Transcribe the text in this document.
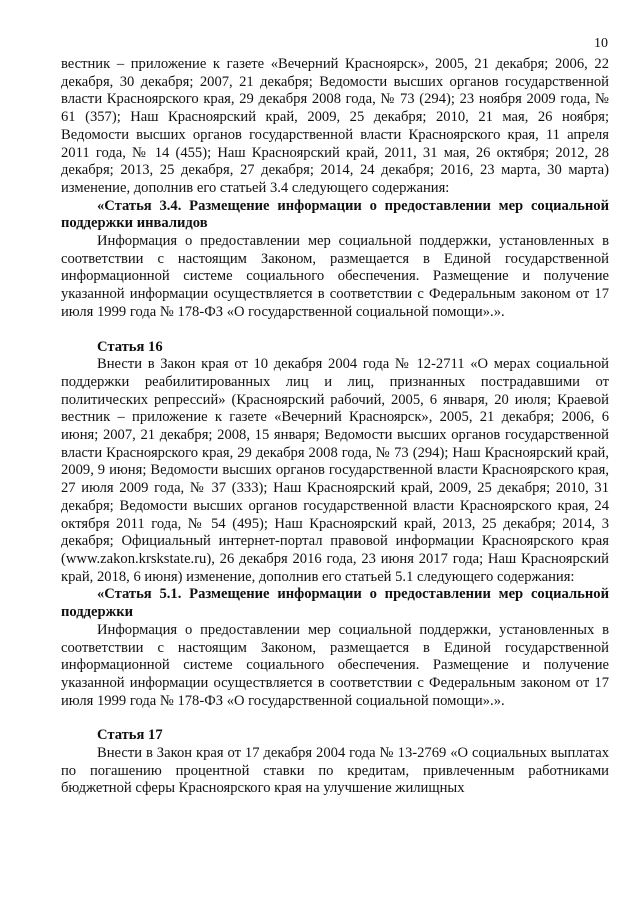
10

вестник – приложение к газете «Вечерний Красноярск», 2005, 21 декабря; 2006, 22 декабря, 30 декабря; 2007, 21 декабря; Ведомости высших органов государственной власти Красноярского края, 29 декабря 2008 года, № 73 (294); 23 ноября 2009 года, № 61 (357); Наш Красноярский край, 2009, 25 декабря; 2010, 21 мая, 26 ноября; Ведомости высших органов государственной власти Красноярского края, 11 апреля 2011 года, № 14 (455); Наш Красноярский край, 2011, 31 мая, 26 октября; 2012, 28 декабря; 2013, 25 декабря, 27 декабря; 2014, 24 декабря; 2016, 23 марта, 30 марта) изменение, дополнив его статьей 3.4 следующего содержания:

«Статья 3.4. Размещение информации о предоставлении мер социальной поддержки инвалидов

Информация о предоставлении мер социальной поддержки, установленных в соответствии с настоящим Законом, размещается в Единой государственной информационной системе социального обеспечения. Размещение и получение указанной информации осуществляется в соответствии с Федеральным законом от 17 июля 1999 года № 178-ФЗ «О государственной социальной помощи».».

Статья 16

Внести в Закон края от 10 декабря 2004 года № 12-2711 «О мерах социальной поддержки реабилитированных лиц и лиц, признанных пострадавшими от политических репрессий» (Красноярский рабочий, 2005, 6 января, 20 июля; Краевой вестник – приложение к газете «Вечерний Красноярск», 2005, 21 декабря; 2006, 6 июня; 2007, 21 декабря; 2008, 15 января; Ведомости высших органов государственной власти Красноярского края, 29 декабря 2008 года, № 73 (294); Наш Красноярский край, 2009, 9 июня; Ведомости высших органов государственной власти Красноярского края, 27 июля 2009 года, № 37 (333); Наш Красноярский край, 2009, 25 декабря; 2010, 31 декабря; Ведомости высших органов государственной власти Красноярского края, 24 октября 2011 года, № 54 (495); Наш Красноярский край, 2013, 25 декабря; 2014, 3 декабря; Официальный интернет-портал правовой информации Красноярского края (www.zakon.krskstate.ru), 26 декабря 2016 года, 23 июня 2017 года; Наш Красноярский край, 2018, 6 июня) изменение, дополнив его статьей 5.1 следующего содержания:

«Статья 5.1. Размещение информации о предоставлении мер социальной поддержки

Информация о предоставлении мер социальной поддержки, установленных в соответствии с настоящим Законом, размещается в Единой государственной информационной системе социального обеспечения. Размещение и получение указанной информации осуществляется в соответствии с Федеральным законом от 17 июля 1999 года № 178-ФЗ «О государственной социальной помощи».».

Статья 17

Внести в Закон края от 17 декабря 2004 года № 13-2769 «О социальных выплатах по погашению процентной ставки по кредитам, привлеченным работниками бюджетной сферы Красноярского края на улучшение жилищных
